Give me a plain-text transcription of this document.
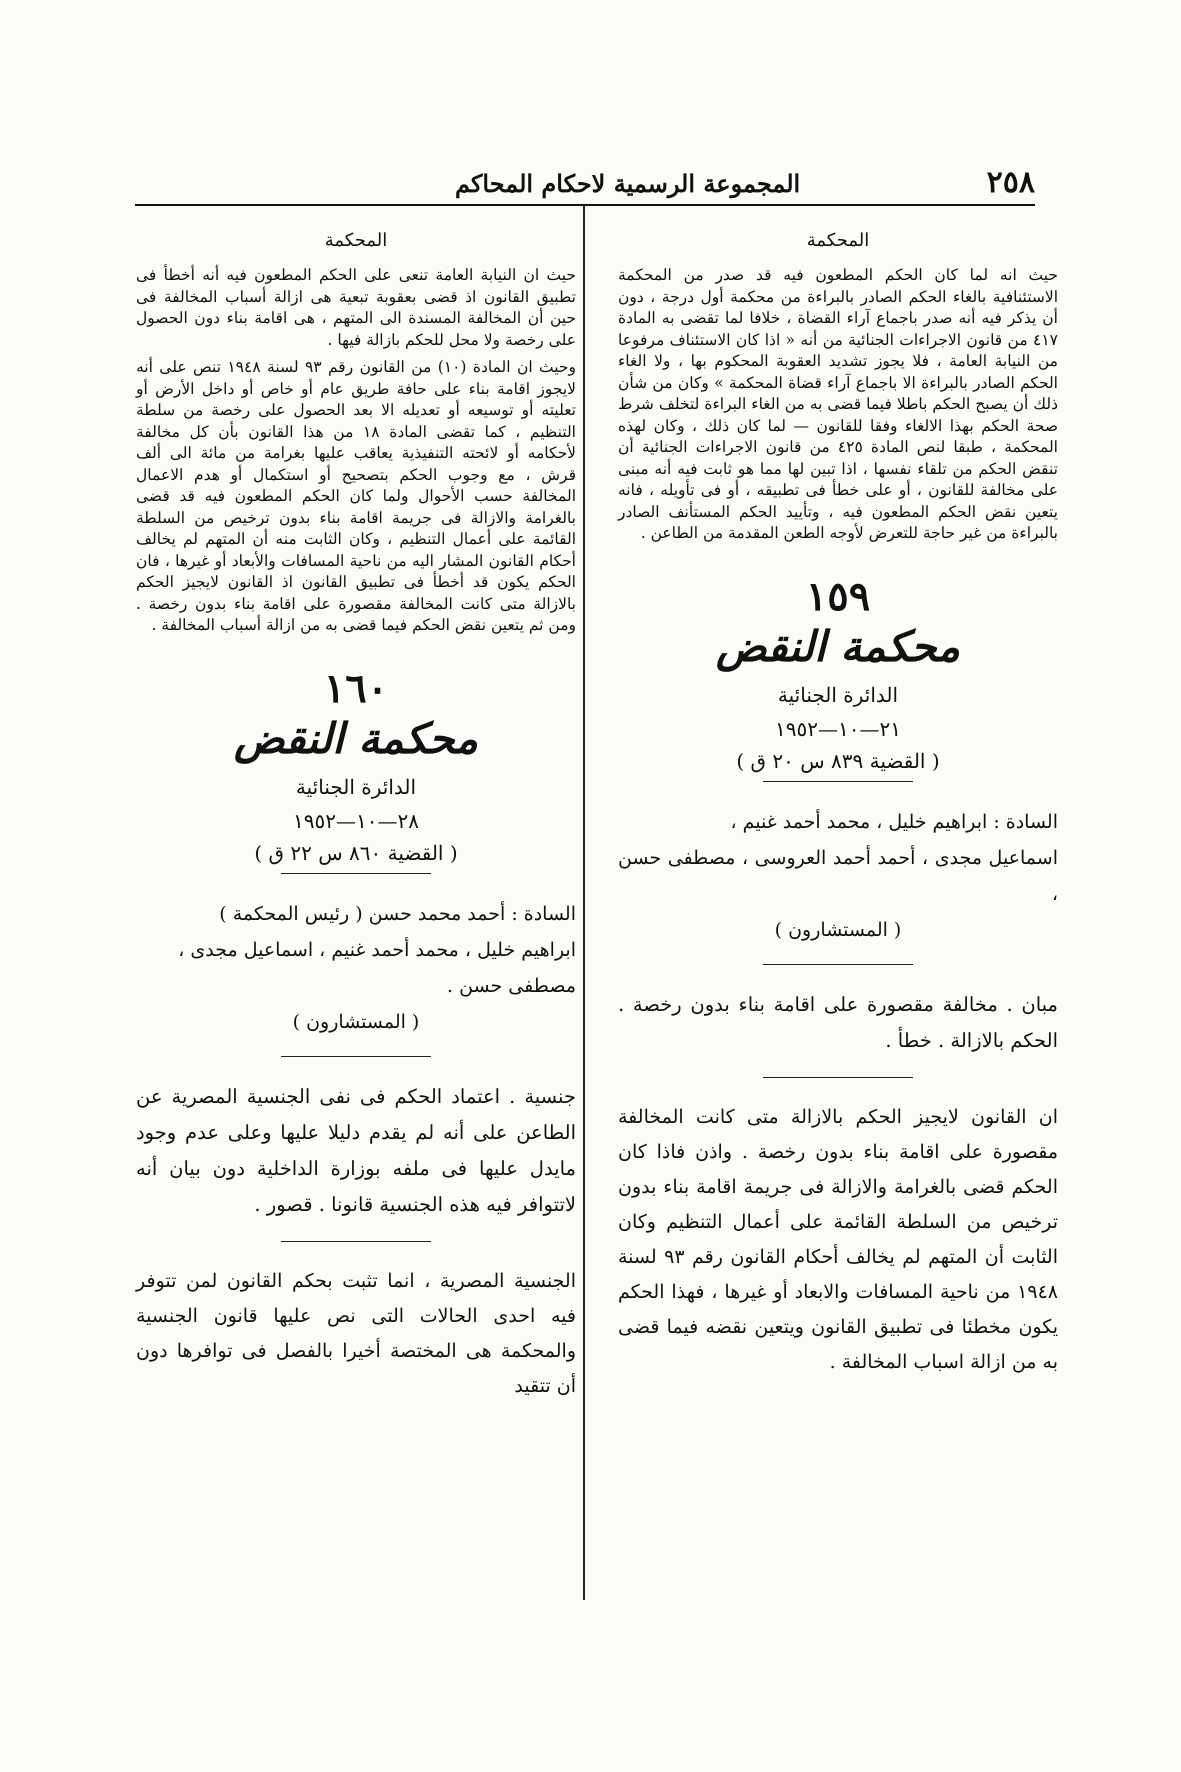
٢٥٨
المجموعة الرسمية لاحكام المحاكم
المحكمة

حيث انه لما كان الحكم المطعون فيه قد صدر من المحكمة الاستئنافية بالغاء الحكم الصادر بالبراءة من محكمة أول درجة ، دون أن يذكر فيه أنه صدر باجماع آراء القضاة ، خلافا لما تقضى به المادة ٤١٧ من قانون الاجراءات الجنائية من أنه « اذا كان الاستئناف مرفوعا من النيابة العامة ، فلا يجوز تشديد العقوبة المحكوم بها ، ولا الغاء الحكم الصادر بالبراءة الا باجماع آراء قضاة المحكمة » وكان من شأن ذلك أن يصبح الحكم باطلا فيما قضى به من الغاء البراءة لتخلف شرط صحة الحكم بهذا الالغاء وفقا للقانون — لما كان ذلك ، وكان لهذه المحكمة ، طبقا لنص المادة ٤٢٥ من قانون الاجراءات الجنائية أن تنقض الحكم من تلقاء نفسها ، اذا تبين لها مما هو ثابت فيه أنه مبنى على مخالفة للقانون ، أو على خطأ فى تطبيقه ، أو فى تأويله ، فانه يتعين نقض الحكم المطعون فيه ، وتأييد الحكم المستأنف الصادر بالبراءة من غير حاجة للتعرض لأوجه الطعن المقدمة من الطاعن .

١٥٩
محكمة النقض
الدائرة الجنائية
٢١—١٠—١٩٥٢
( القضية ٨٣٩ س ٢٠ ق )
السادة : ابراهيم خليل ، محمد أحمد غنيم ،
اسماعيل مجدى ، أحمد أحمد العروسى ، مصطفى حسن ،
( المستشارون )

مبان . مخالفة مقصورة على اقامة بناء بدون رخصة . الحكم بالازالة . خطأ .

ان القانون لايجيز الحكم بالازالة متى كانت المخالفة مقصورة على اقامة بناء بدون رخصة . واذن فاذا كان الحكم قضى بالغرامة والازالة فى جريمة اقامة بناء بدون ترخيص من السلطة القائمة على أعمال التنظيم وكان الثابت أن المتهم لم يخالف أحكام القانون رقم ٩٣ لسنة ١٩٤٨ من ناحية المسافات والابعاد أو غيرها ، فهذا الحكم يكون مخطئا فى تطبيق القانون ويتعين نقضه فيما قضى به من ازالة اسباب المخالفة .

المحكمة

حيث ان النيابة العامة تنعى على الحكم المطعون فيه أنه أخطأ فى تطبيق القانون اذ قضى بعقوبة تبعية هى ازالة أسباب المخالفة فى حين أن المخالفة المسندة الى المتهم ، هى اقامة بناء دون الحصول على رخصة ولا محل للحكم بازالة فيها .

وحيث ان المادة (١٠) من القانون رقم ٩٣ لسنة ١٩٤٨ تنص على أنه لايجوز اقامة بناء على حافة طريق عام أو خاص أو داخل الأرض أو تعليته أو توسيعه أو تعديله الا بعد الحصول على رخصة من سلطة التنظيم ، كما تقضى المادة ١٨ من هذا القانون بأن كل مخالفة لأحكامه أو لائحته التنفيذية يعاقب عليها بغرامة من مائة الى ألف قرش ، مع وجوب الحكم بتصحيح أو استكمال أو هدم الاعمال المخالفة حسب الأحوال ولما كان الحكم المطعون فيه قد قضى بالغرامة والازالة فى جريمة اقامة بناء بدون ترخيص من السلطة القائمة على أعمال التنظيم ، وكان الثابت منه أن المتهم لم يخالف أحكام القانون المشار اليه من ناحية المسافات والأبعاد أو غيرها ، فان الحكم يكون قد أخطأ فى تطبيق القانون اذ القانون لايجيز الحكم بالازالة متى كانت المخالفة مقصورة على اقامة بناء بدون رخصة . ومن ثم يتعين نقض الحكم فيما قضى به من ازالة أسباب المخالفة .

١٦٠
محكمة النقض
الدائرة الجنائية
٢٨—١٠—١٩٥٢
( القضية ٨٦٠ س ٢٢ ق )
السادة : أحمد محمد حسن ( رئيس المحكمة )
ابراهيم خليل ، محمد أحمد غنيم ، اسماعيل مجدى ،
مصطفى حسن .
( المستشارون )

جنسية . اعتماد الحكم فى نفى الجنسية المصرية عن الطاعن على أنه لم يقدم دليلا عليها وعلى عدم وجود مايدل عليها فى ملفه بوزارة الداخلية دون بيان أنه لاتتوافر فيه هذه الجنسية قانونا . قصور .

الجنسية المصرية ، انما تثبت بحكم القانون لمن تتوفر فيه احدى الحالات التى نص عليها قانون الجنسية والمحكمة هى المختصة أخيرا بالفصل فى توافرها دون أن تتقيد
